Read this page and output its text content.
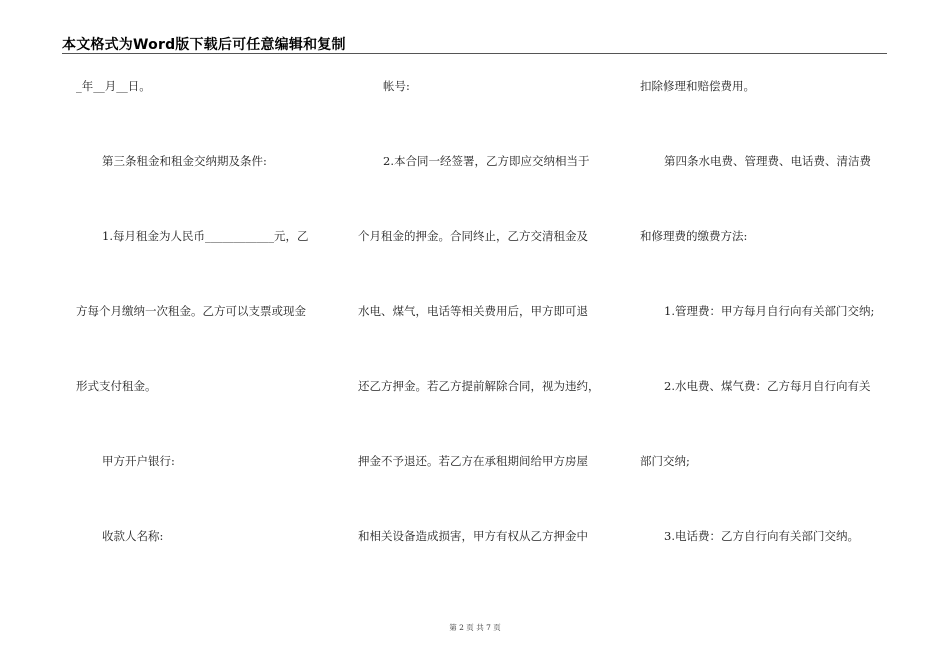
本文格式为Word版下载后可任意编辑和复制
_年__月__日。
第三条租金和租金交纳期及条件:
1.每月租金为人民币____________元，乙
方每个月缴纳一次租金。乙方可以支票或现金
形式支付租金。
甲方开户银行:
收款人名称:
帐号:
2.本合同一经签署，乙方即应交纳相当于
个月租金的押金。合同终止，乙方交清租金及
水电、煤气，电话等相关费用后，甲方即可退
还乙方押金。若乙方提前解除合同，视为违约，
押金不予退还。若乙方在承租期间给甲方房屋
和相关设备造成损害，甲方有权从乙方押金中
扣除修理和赔偿费用。
第四条水电费、管理费、电话费、清洁费
和修理费的缴费方法:
1.管理费：甲方每月自行向有关部门交纳;
2.水电费、煤气费：乙方每月自行向有关
部门交纳;
3.电话费：乙方自行向有关部门交纳。
第 2 页 共 7 页
